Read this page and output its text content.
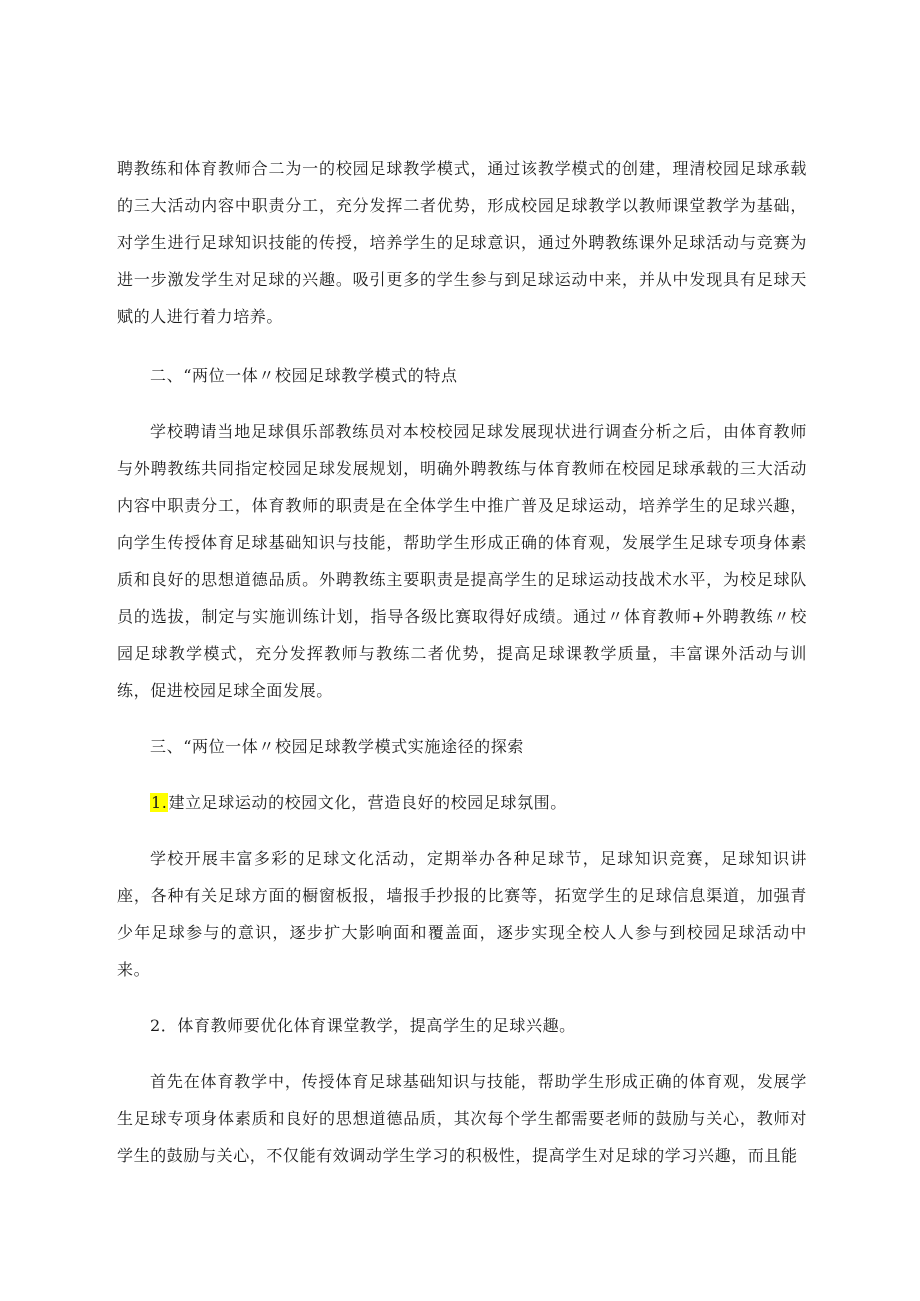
聘教练和体育教师合二为一的校园足球教学模式，通过该教学模式的创建，理清校园足球承载的三大活动内容中职责分工，充分发挥二者优势，形成校园足球教学以教师课堂教学为基础，对学生进行足球知识技能的传授，培养学生的足球意识，通过外聘教练课外足球活动与竞赛为进一步激发学生对足球的兴趣。吸引更多的学生参与到足球运动中来，并从中发现具有足球天赋的人进行着力培养。

二、“两位一体〃校园足球教学模式的特点

学校聘请当地足球俱乐部教练员对本校校园足球发展现状进行调查分析之后，由体育教师与外聘教练共同指定校园足球发展规划，明确外聘教练与体育教师在校园足球承载的三大活动内容中职责分工，体育教师的职责是在全体学生中推广普及足球运动，培养学生的足球兴趣，向学生传授体育足球基础知识与技能，帮助学生形成正确的体育观，发展学生足球专项身体素质和良好的思想道德品质。外聘教练主要职责是提高学生的足球运动技战术水平，为校足球队员的选拔，制定与实施训练计划，指导各级比赛取得好成绩。通过〃体育教师+外聘教练〃校园足球教学模式，充分发挥教师与教练二者优势，提高足球课教学质量，丰富课外活动与训练，促进校园足球全面发展。

三、“两位一体〃校园足球教学模式实施途径的探索

1.建立足球运动的校园文化，营造良好的校园足球氛围。

学校开展丰富多彩的足球文化活动，定期举办各种足球节，足球知识竞赛，足球知识讲座，各种有关足球方面的橱窗板报，墙报手抄报的比赛等，拓宽学生的足球信息渠道，加强青少年足球参与的意识，逐步扩大影响面和覆盖面，逐步实现全校人人参与到校园足球活动中来。

2．体育教师要优化体育课堂教学，提高学生的足球兴趣。

首先在体育教学中，传授体育足球基础知识与技能，帮助学生形成正确的体育观，发展学生足球专项身体素质和良好的思想道德品质，其次每个学生都需要老师的鼓励与关心，教师对学生的鼓励与关心，不仅能有效调动学生学习的积极性，提高学生对足球的学习兴趣，而且能
